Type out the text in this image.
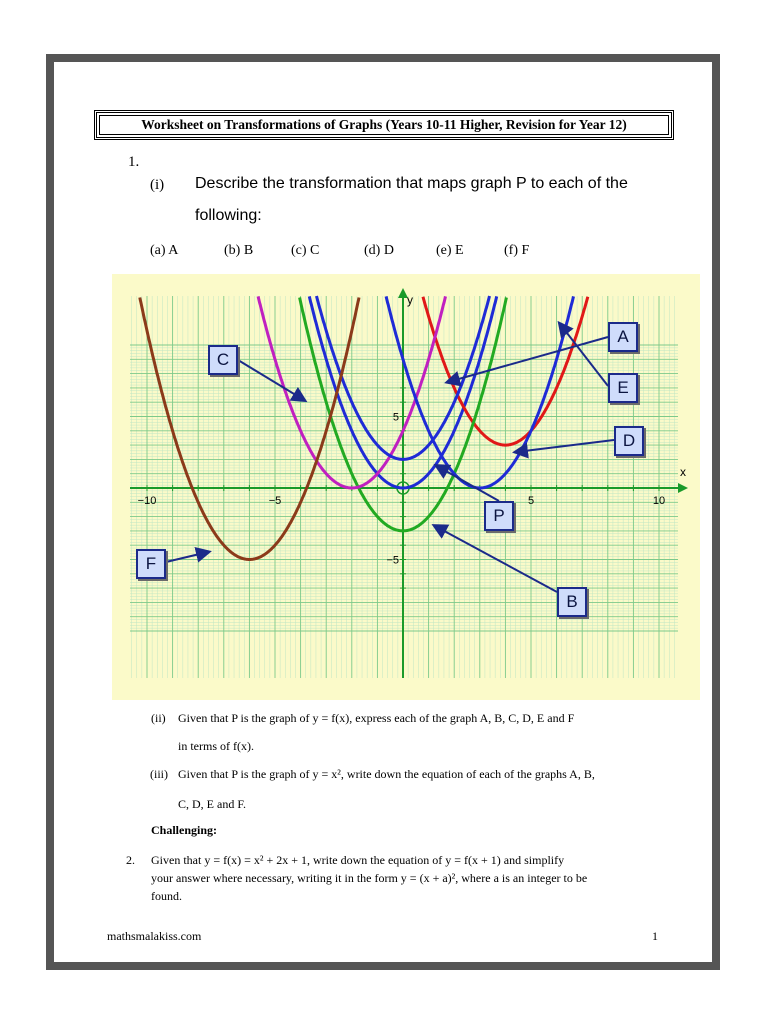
Worksheet on Transformations of Graphs (Years 10-11 Higher, Revision for Year 12)
1.
(i) Describe the transformation that maps graph P to each of the
following:
(a) A	(b) B	(c) C	(d) D	(e) E	(f) F
x
y
−10	−5	5	10
5
−5
A
E
D
C
P
F
B
(ii) Given that P is the graph of y = f(x), express each of the graph A, B, C, D, E and F
in terms of f(x).
(iii) Given that P is the graph of y = x², write down the equation of each of the graphs A, B,
C, D, E and F.
Challenging:
2. Given that y = f(x) = x² + 2x + 1, write down the equation of y = f(x + 1) and simplify
your answer where necessary, writing it in the form y = (x + a)², where a is an integer to be
found.
mathsmalakiss.com	1
